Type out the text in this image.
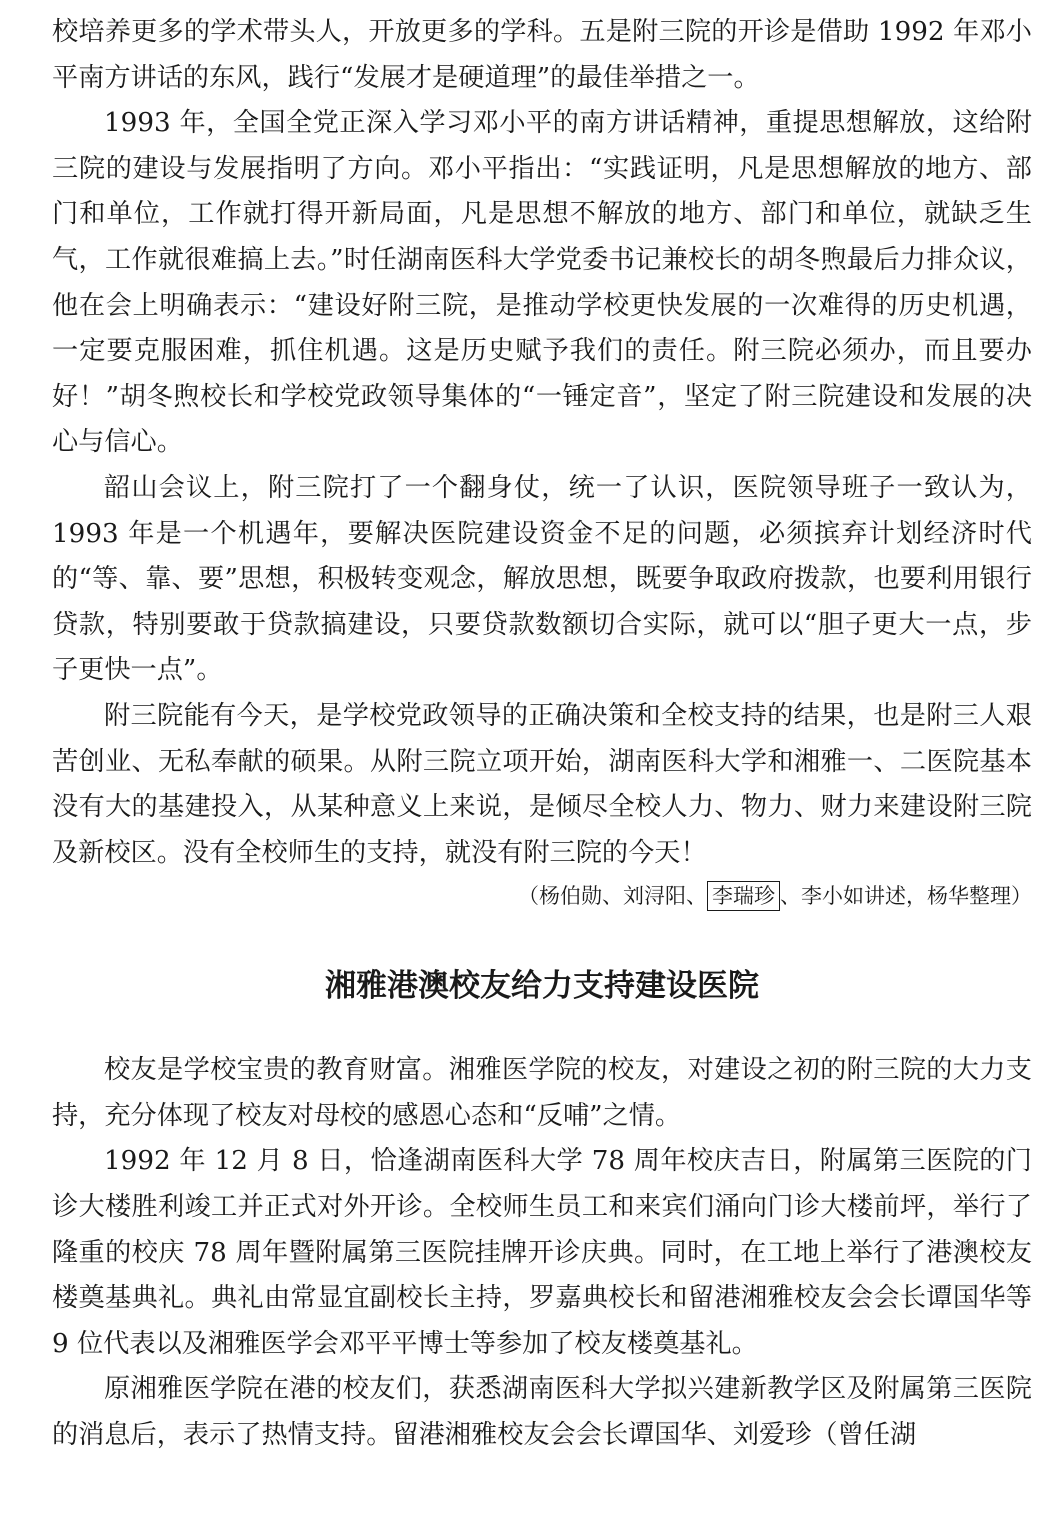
校培养更多的学术带头人，开放更多的学科。五是附三院的开诊是借助 1992 年邓小平南方讲话的东风，践行“发展才是硬道理”的最佳举措之一。

1993 年，全国全党正深入学习邓小平的南方讲话精神，重提思想解放，这给附三院的建设与发展指明了方向。邓小平指出：“实践证明，凡是思想解放的地方、部门和单位，工作就打得开新局面，凡是思想不解放的地方、部门和单位，就缺乏生气，工作就很难搞上去。”时任湖南医科大学党委书记兼校长的胡冬煦最后力排众议，他在会上明确表示：“建设好附三院，是推动学校更快发展的一次难得的历史机遇，一定要克服困难，抓住机遇。这是历史赋予我们的责任。附三院必须办，而且要办好！”胡冬煦校长和学校党政领导集体的“一锤定音”，坚定了附三院建设和发展的决心与信心。

韶山会议上，附三院打了一个翻身仗，统一了认识，医院领导班子一致认为，1993 年是一个机遇年，要解决医院建设资金不足的问题，必须摈弃计划经济时代的“等、靠、要”思想，积极转变观念，解放思想，既要争取政府拨款，也要利用银行贷款，特别要敢于贷款搞建设，只要贷款数额切合实际，就可以“胆子更大一点，步子更快一点”。

附三院能有今天，是学校党政领导的正确决策和全校支持的结果，也是附三人艰苦创业、无私奉献的硕果。从附三院立项开始，湖南医科大学和湘雅一、二医院基本没有大的基建投入，从某种意义上来说，是倾尽全校人力、物力、财力来建设附三院及新校区。没有全校师生的支持，就没有附三院的今天！

（杨伯勋、刘浔阳、 李瑞珍 、李小如讲述，杨华整理）

湘雅港澳校友给力支持建设医院

校友是学校宝贵的教育财富。湘雅医学院的校友，对建设之初的附三院的大力支持，充分体现了校友对母校的感恩心态和“反哺”之情。

1992 年 12 月 8 日，恰逢湖南医科大学 78 周年校庆吉日，附属第三医院的门诊大楼胜利竣工并正式对外开诊。全校师生员工和来宾们涌向门诊大楼前坪，举行了隆重的校庆 78 周年暨附属第三医院挂牌开诊庆典。同时，在工地上举行了港澳校友楼奠基典礼。典礼由常显宜副校长主持，罗嘉典校长和留港湘雅校友会会长谭国华等 9 位代表以及湘雅医学会邓平平博士等参加了校友楼奠基礼。

原湘雅医学院在港的校友们，获悉湖南医科大学拟兴建新教学区及附属第三医院的消息后，表示了热情支持。留港湘雅校友会会长谭国华、刘爱珍（曾任湖
